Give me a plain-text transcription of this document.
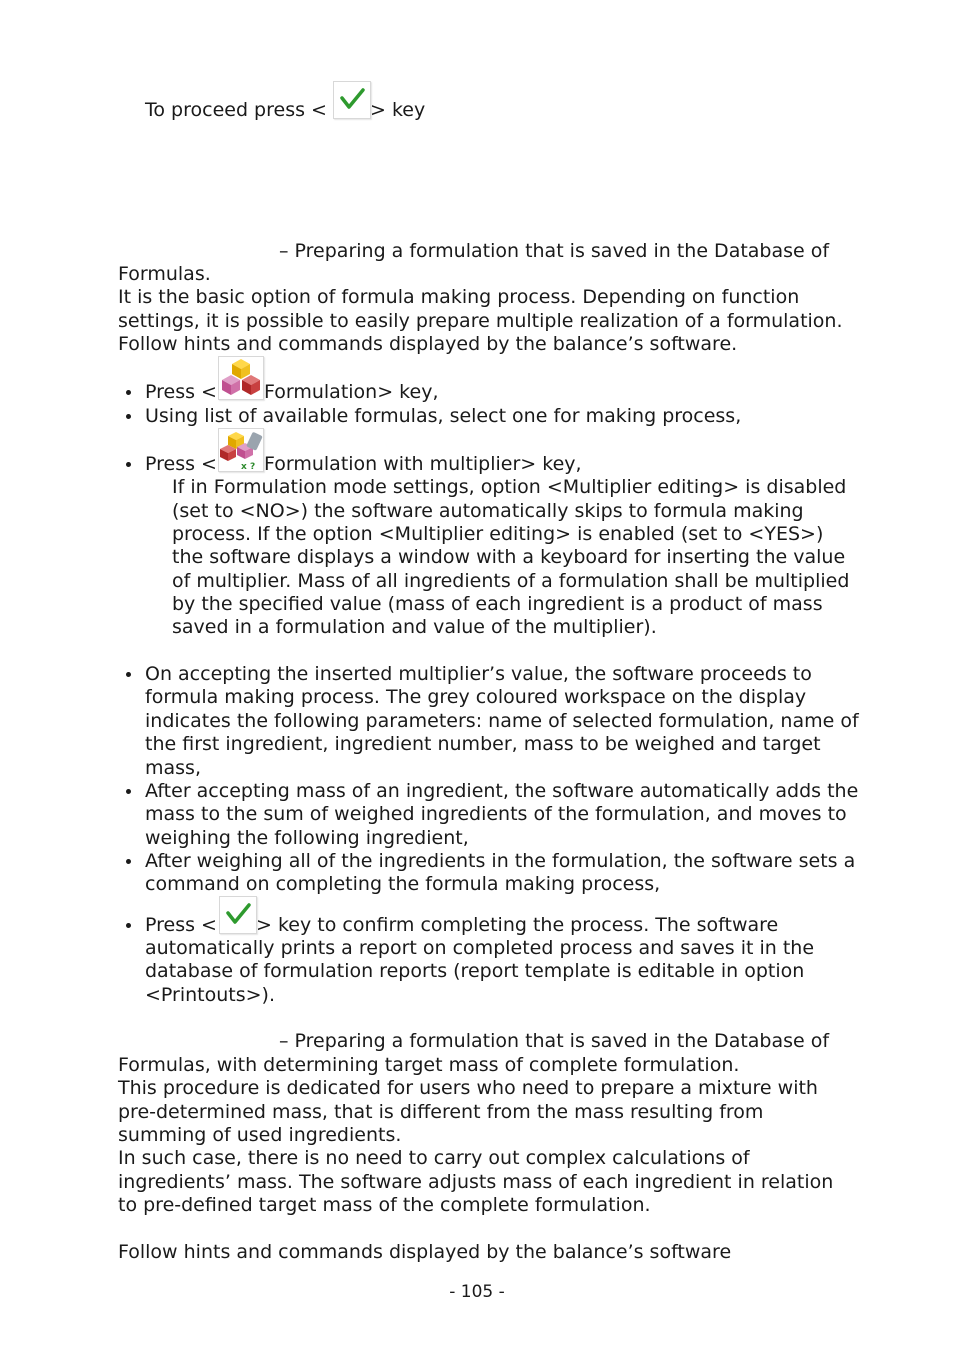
To proceed press < > key
– Preparing a formulation that is saved in the Database of
Formulas.
It is the basic option of formula making process. Depending on function
settings, it is possible to easily prepare multiple realization of a formulation.
Follow hints and commands displayed by the balance’s software.
Press < Formulation> key,
Using list of available formulas, select one for making process,
Press <	x ? Formulation with multiplier> key,
If in Formulation mode settings, option <Multiplier editing> is disabled
(set to <NO>) the software automatically skips to formula making
process. If the option <Multiplier editing> is enabled (set to <YES>)
the software displays a window with a keyboard for inserting the value
of multiplier. Mass of all ingredients of a formulation shall be multiplied
by the specified value (mass of each ingredient is a product of mass
saved in a formulation and value of the multiplier).
On accepting the inserted multiplier’s value, the software proceeds to
formula making process. The grey coloured workspace on the display
indicates the following parameters: name of selected formulation, name of
the first ingredient, ingredient number, mass to be weighed and target
mass,
After accepting mass of an ingredient, the software automatically adds the
mass to the sum of weighed ingredients of the formulation, and moves to
weighing the following ingredient,
After weighing all of the ingredients in the formulation, the software sets a
command on completing the formula making process,
Press < > key to confirm completing the process. The software
automatically prints a report on completed process and saves it in the
database of formulation reports (report template is editable in option
<Printouts>).
– Preparing a formulation that is saved in the Database of
Formulas, with determining target mass of complete formulation.
This procedure is dedicated for users who need to prepare a mixture with
pre-determined mass, that is different from the mass resulting from
summing of used ingredients.
In such case, there is no need to carry out complex calculations of
ingredients’ mass. The software adjusts mass of each ingredient in relation
to pre-defined target mass of the complete formulation.
Follow hints and commands displayed by the balance’s software
- 105 -
